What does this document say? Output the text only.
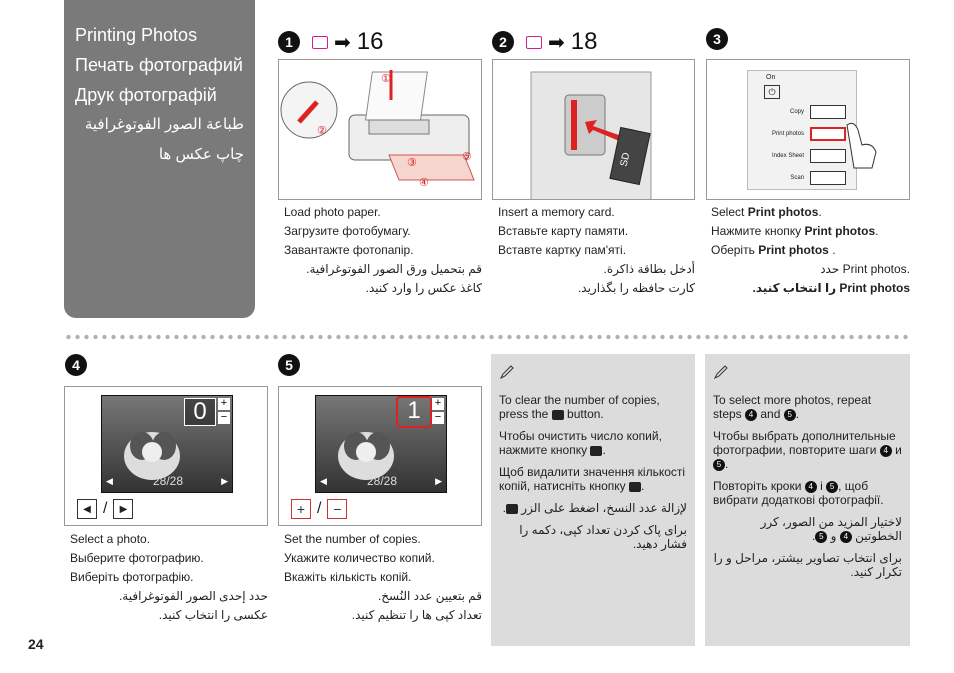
Printing Photos
Печать фотографий
Друк фотографій
طباعة الصور الفوتوغرافية
چاپ عکس ها
1	➡ 16	2	➡ 18	3
②
①
③	⑤
④
SD
On
⏻
Copy
Print photos
Index Sheet
Scan
Load photo paper.
Загрузите фотобумагу.
Завантажте фотопапір.
قم بتحميل ورق الصور الفوتوغرافية.
کاغذ عکس را وارد کنید.
Insert a memory card.
Вставьте карту памяти.
Вставте картку пам'яті.
أدخل بطاقة ذاكرة.
کارت حافظه را بگذارید.
Select Print photos.
Нажмите кнопку Print photos.
Оберіть Print photos .
.Print photos حدد
Print photos را انتخاب کنید.
4	5
0	+
−
28/28
◀	▶
◀ /	▶
1	+
−
28/28
◀	▶
+ / −
Select a photo.
Выберите фотографию.
Виберіть фотографію.
حدد إحدى الصور الفوتوغرافية.
عکسی را انتخاب کنید.
Set the number of copies.
Укажите количество копий.
Вкажіть кількість копій.
قم بتعيين عدد النُسخ.
تعداد کپی ها را تنظیم کنید.

To clear the number of copies, press the button.

Чтобы очистить число копий, нажмите кнопку .

Щоб видалити значення кількості копій, натисніть кнопку .

لإزالة عدد النسخ، اضغط على الزر .

برای پاک کردن تعداد کپی، دکمه را فشار دهید.

To select more photos, repeat steps 4 and 5 .

Чтобы выбрать дополнительные фотографии, повторите шаги 4 и 5 .

Повторіть кроки 4 і 5 , щоб вибрати додаткові фотографії.

لاختيار المزيد من الصور، كرر الخطوتين 4 و 5.

برای انتخاب تصاویر بیشتر، مراحل و را تکرار کنید.

24
